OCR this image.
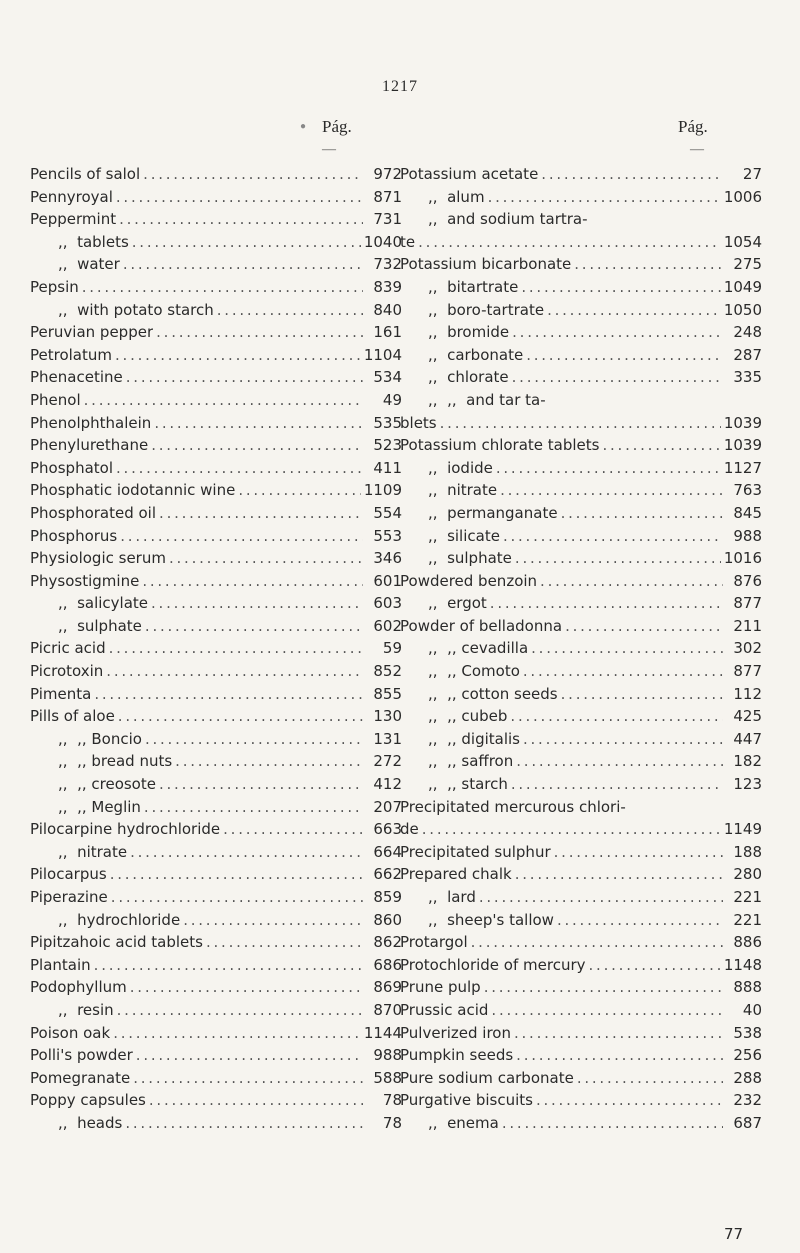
1217
● Pág.	Pág.
—	—
Pencils of salol . . .	972
Pennyroyal . . .	871
Peppermint . . .	731
,,  tablets . . .	1040
,,  water . . .	732
Pepsin . . .	839
,,  with potato starch . . .	840
Peruvian pepper . . .	161
Petrolatum . . .	1104
Phenacetine . . .	534
Phenol . . .	49
Phenolphthalein . . .	535
Phenylurethane . . .	523
Phosphatol . . .	411
Phosphatic iodotannic wine . . .	1109
Phosphorated oil . . .	554
Phosphorus . . .	553
Physiologic serum . . .	346
Physostigmine . . .	601
,,  salicylate . . .	603
,,  sulphate . . .	602
Picric acid . . .	59
Picrotoxin . . .	852
Pimenta . . .	855
Pills of aloe . . .	130
,,  ,, Boncio . . .	131
,,  ,, bread nuts . . .	272
,,  ,, creosote . . .	412
,,  ,, Meglin . . .	207
Pilocarpine hydrochloride . . .	663
,,  nitrate . . .	664
Pilocarpus . . .	662
Piperazine . . .	859
,,  hydrochloride . . .	860
Pipitzahoic acid tablets . . .	862
Plantain . . .	686
Podophyllum . . .	869
,,  resin . . .	870
Poison oak . . .	1144
Polli's powder . . .	988
Pomegranate . . .	588
Poppy capsules . . .	78
,,  heads . . .	78
Potassium acetate . . .	27
,,  alum . . .	1006
,,  and sodium tartra-
te . . .	1054
Potassium bicarbonate . . .	275
,,  bitartrate . . .	1049
,,  boro-tartrate . . .	1050
,,  bromide . . .	248
,,  carbonate . . .	287
,,  chlorate . . .	335
,,  ,,  and tar ta-
blets . . .	1039
Potassium chlorate tablets . . .	1039
,,  iodide . . .	1127
,,  nitrate . . .	763
,,  permanganate . . .	845
,,  silicate . . .	988
,,  sulphate . . .	1016
Powdered benzoin . . .	876
,,  ergot . . .	877
Powder of belladonna . . .	211
,,  ,, cevadilla . . .	302
,,  ,, Comoto . . .	877
,,  ,, cotton seeds . . .	112
,,  ,, cubeb . . .	425
,,  ,, digitalis . . .	447
,,  ,, saffron . . .	182
,,  ,, starch . . .	123
Precipitated mercurous chlori-
de . . .	1149
Precipitated sulphur . . .	188
Prepared chalk . . .	280
,,  lard . . .	221
,,  sheep's tallow . . .	221
Protargol . . .	886
Protochloride of mercury . . .	1148
Prune pulp . . .	888
Prussic acid . . .	40
Pulverized iron . . .	538
Pumpkin seeds . . .	256
Pure sodium carbonate . . .	288
Purgative biscuits . . .	232
,,  enema . . .	687
77
